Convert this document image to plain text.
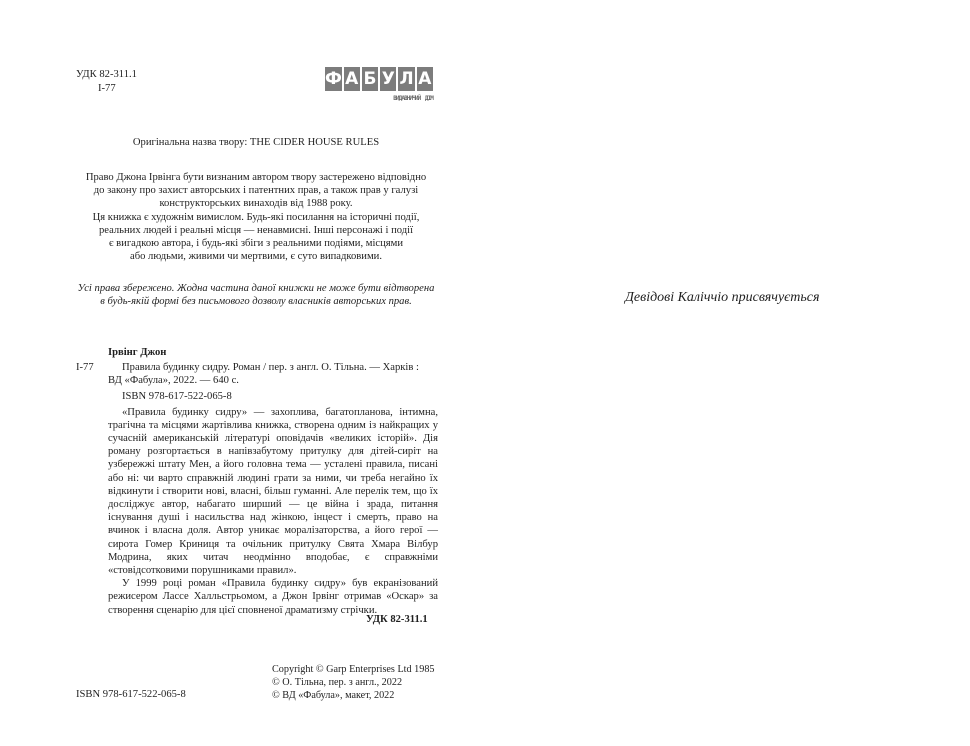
УДК 82-311.1
І-77	Ф А Б У Л А
видавничий дім
Оригінальна назва твору: THE CIDER HOUSE RULES

Право Джона Ірвінга бути визнаним автором твору застережено відповідно

до закону про захист авторських і патентних прав, а також прав у галузі

конструкторських винаходів від 1988 року.

Ця книжка є художнім вимислом. Будь-які посилання на історичні події,

реальних людей і реальні місця — ненавмисні. Інші персонажі і події

є вигадкою автора, і будь-які збіги з реальними подіями, місцями

або людьми, живими чи мертвими, є суто випадковими.

Усі права збережено. Жодна частина даної книжки не може бути відтворена

в будь-якій формі без письмового дозволу власників авторських прав.

Ірвінг Джон
І-77	Правила будинку сидру. Роман / пер. з англ. О. Тільна. — Харків :

ВД «Фабула», 2022. — 640 с.

ISBN 978-617-522-065-8

«Правила будинку сидру» — захоплива, багатопланова, інтимна, трагічна та місцями жартівлива книжка, створена одним із найкращих у сучасній американській літературі оповідачів «великих історій». Дія роману розгортається в напівзабутому притулку для дітей-сиріт на узбережжі штату Мен, а його головна тема — усталені правила, писані або ні: чи варто справжній людині грати за ними, чи треба негайно їх відкинути і створити нові, власні, більш гуманні. Але перелік тем, що їх досліджує автор, набагато ширший — це війна і зрада, питання існування душі і насильства над жінкою, інцест і смерть, право на вчинок і власна доля. Автор уникає моралізаторства, а його герої — сирота Гомер Криниця та очільник притулку Свята Хмара Вілбур Модрина, яких читач неодмінно вподобає, є справжніми «стовідсотковими порушниками правил».

У 1999 році роман «Правила будинку сидру» був екранізований режисером Лассе Халльстрьомом, а Джон Ірвінг отримав «Оскар» за створення сценарію для цієї сповненої драматизму стрічки.

УДК 82-311.1
ISBN 978-617-522-065-8

Copyright © Garp Enterprises Ltd 1985

© О. Тільна, пер. з англ., 2022

© ВД «Фабула», макет, 2022

Девідові Каліччіо присвячується
